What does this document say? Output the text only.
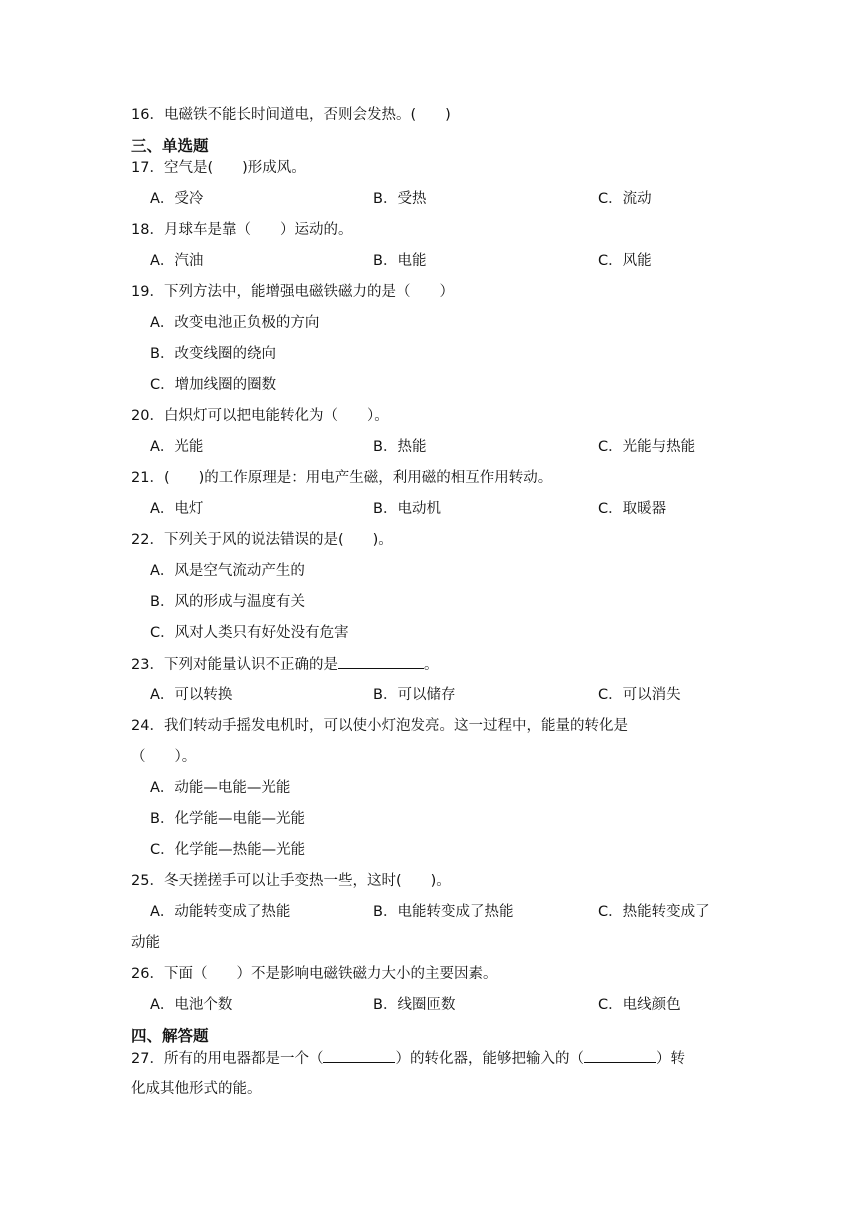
16．电磁铁不能长时间道电，否则会发热。(　　)
三、单选题
17．空气是(　　)形成风。
A．受冷	B．受热	C．流动
18．月球车是靠（　　）运动的。
A．汽油	B．电能	C．风能
19．下列方法中，能增强电磁铁磁力的是（　　）
A．改变电池正负极的方向
B．改变线圈的绕向
C．增加线圈的圈数
20．白炽灯可以把电能转化为（　　）。
A．光能	B．热能	C．光能与热能
21．(　　)的工作原理是：用电产生磁，利用磁的相互作用转动。
A．电灯	B．电动机	C．取暖器
22．下列关于风的说法错误的是(　　)。
A．风是空气流动产生的
B．风的形成与温度有关
C．风对人类只有好处没有危害
23．下列对能量认识不正确的是	。
A．可以转换	B．可以储存	C．可以消失
24．我们转动手摇发电机时，可以使小灯泡发亮。这一过程中，能量的转化是
（　　）。
A．动能—电能—光能
B．化学能—电能—光能
C．化学能—热能—光能
25．冬天搓搓手可以让手变热一些，这时(　　)。
A．动能转变成了热能	B．电能转变成了热能	C．热能转变成了
动能
26．下面（　　）不是影响电磁铁磁力大小的主要因素。
A．电池个数	B．线圈匝数	C．电线颜色
四、解答题
27．所有的用电器都是一个（	）的转化器，能够把输入的（	）转
化成其他形式的能。
